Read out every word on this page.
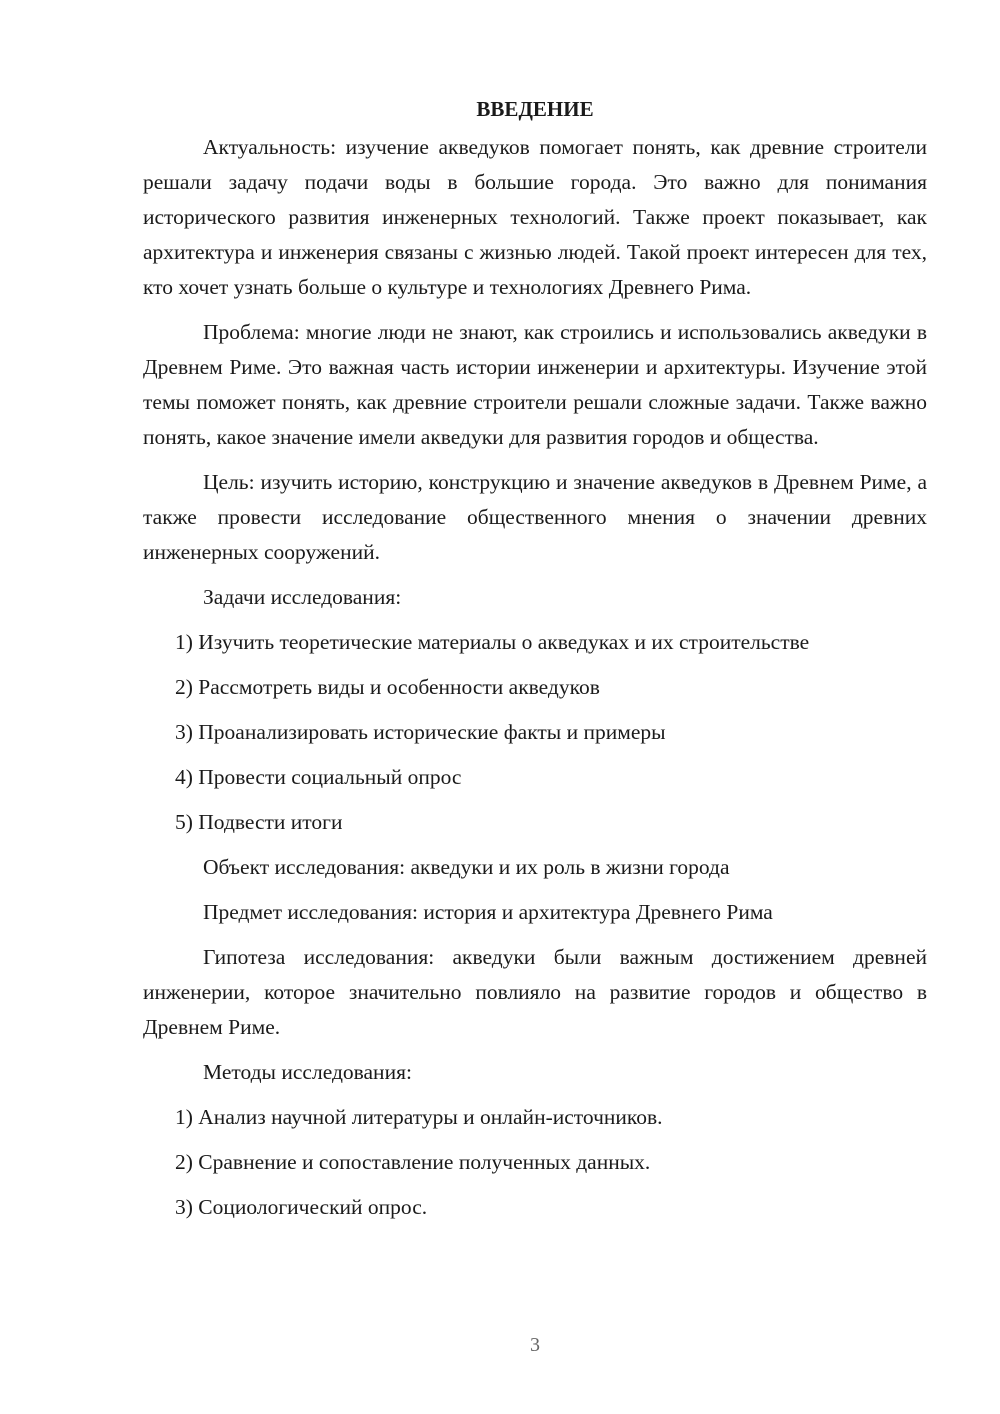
ВВЕДЕНИЕ

Актуальность: изучение акведуков помогает понять, как древние строители решали задачу подачи воды в большие города. Это важно для понимания исторического развития инженерных технологий. Также проект показывает, как архитектура и инженерия связаны с жизнью людей. Такой проект интересен для тех, кто хочет узнать больше о культуре и технологиях Древнего Рима.

Проблема: многие люди не знают, как строились и использовались акведуки в Древнем Риме. Это важная часть истории инженерии и архитектуры. Изучение этой темы поможет понять, как древние строители решали сложные задачи. Также важно понять, какое значение имели акведуки для развития городов и общества.

Цель: изучить историю, конструкцию и значение акведуков в Древнем Риме, а также провести исследование общественного мнения о значении древних инженерных сооружений.

Задачи исследования:

1) Изучить теоретические материалы о акведуках и их строительстве

2) Рассмотреть виды и особенности акведуков

3) Проанализировать исторические факты и примеры

4) Провести социальный опрос

5) Подвести итоги

Объект исследования: акведуки и их роль в жизни города

Предмет исследования: история и архитектура Древнего Рима

Гипотеза исследования: акведуки были важным достижением древней инженерии, которое значительно повлияло на развитие городов и общество в Древнем Риме.

Методы исследования:

1) Анализ научной литературы и онлайн-источников.

2) Сравнение и сопоставление полученных данных.

3) Социологический опрос.

3
